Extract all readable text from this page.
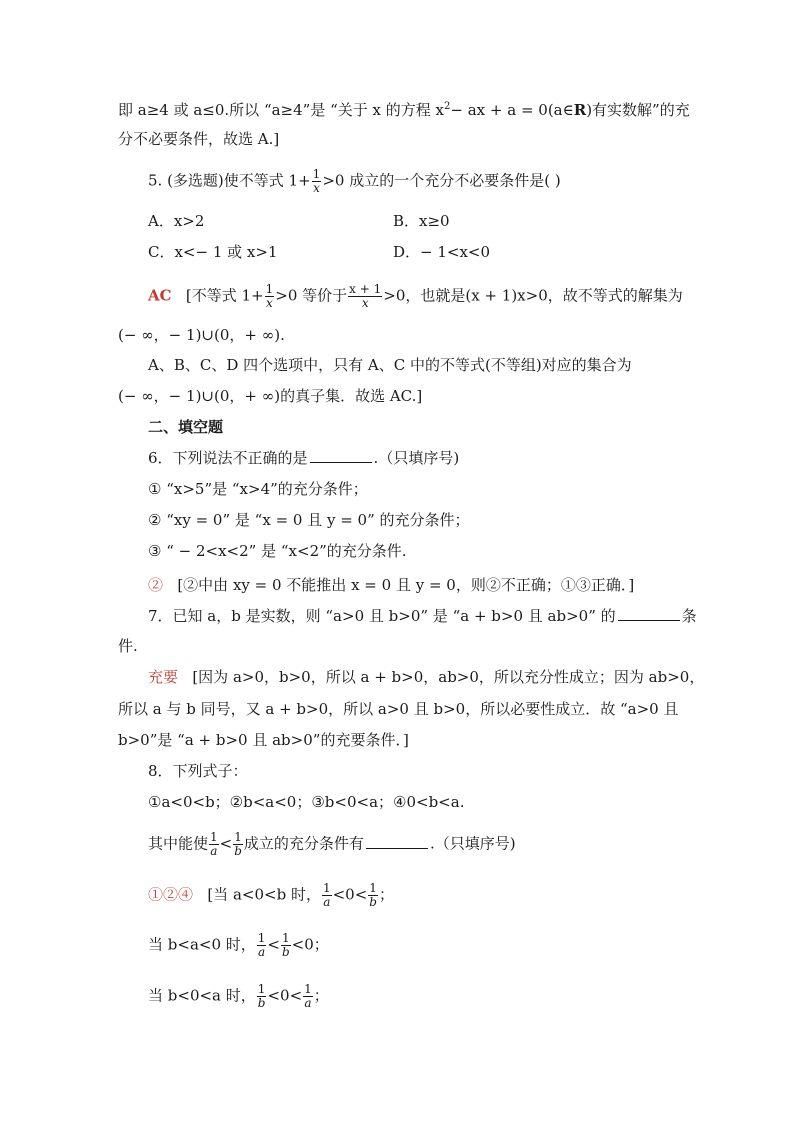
即 a≥4 或 a≤0.所以 “a≥4”是 “关于 x 的方程 $x^2-$ ax + a = 0(a∈R)有实数解”的充
分不必要条件，故选 A.]
5. (多选题)使不等式 $1+ \frac{1}{x} >0$ 成立的一个充分不必要条件是( )
A．x>2	B．x≥0
C．x<− 1 或 x>1	D．− 1<x<0
AC [不等式 $1+ \frac{1}{x} >0$ 等价于 $\frac{x + 1}{x} >0$，也就是(x + 1)x>0，故不等式的解集为
(− ∞，− 1)∪(0，+ ∞).
A、B、C、D 四个选项中，只有 A、C 中的不等式(不等组)对应的集合为
(− ∞，− 1)∪(0，+ ∞)的真子集．故选 AC.]
二、填空题
6．下列说法不正确的是	.（只填序号)
① “x>5”是 “x>4”的充分条件；
② “xy = 0” 是 “x = 0 且 y = 0” 的充分条件；
③ “ − 2<x<2” 是 “x<2”的充分条件.
② [②中由 xy = 0 不能推出 x = 0 且 y = 0，则②不正确；①③正确．]
7．已知 a，b 是实数，则 “a>0 且 b>0” 是 “a + b>0 且 ab>0” 的	条
件.
充要 [因为 a>0，b>0，所以 a + b>0，ab>0，所以充分性成立；因为 ab>0，
所以 a 与 b 同号，又 a + b>0，所以 a>0 且 b>0，所以必要性成立．故 “a>0 且
b>0”是 “a + b>0 且 ab>0”的充要条件．]
8．下列式子：
①a<0<b；②b<a<0；③b<0<a；④0<b<a.
其中能使 $\frac{1}{a} < \frac{1}{b}$ 成立的充分条件有	.（只填序号)
①②④ [当 a<0<b 时， $\frac{1}{a} <0< \frac{1}{b}$ ；
当 b<a<0 时， $\frac{1}{a} < \frac{1}{b} <0$；
当 b<0<a 时， $\frac{1}{b} <0< \frac{1}{a}$ ；
